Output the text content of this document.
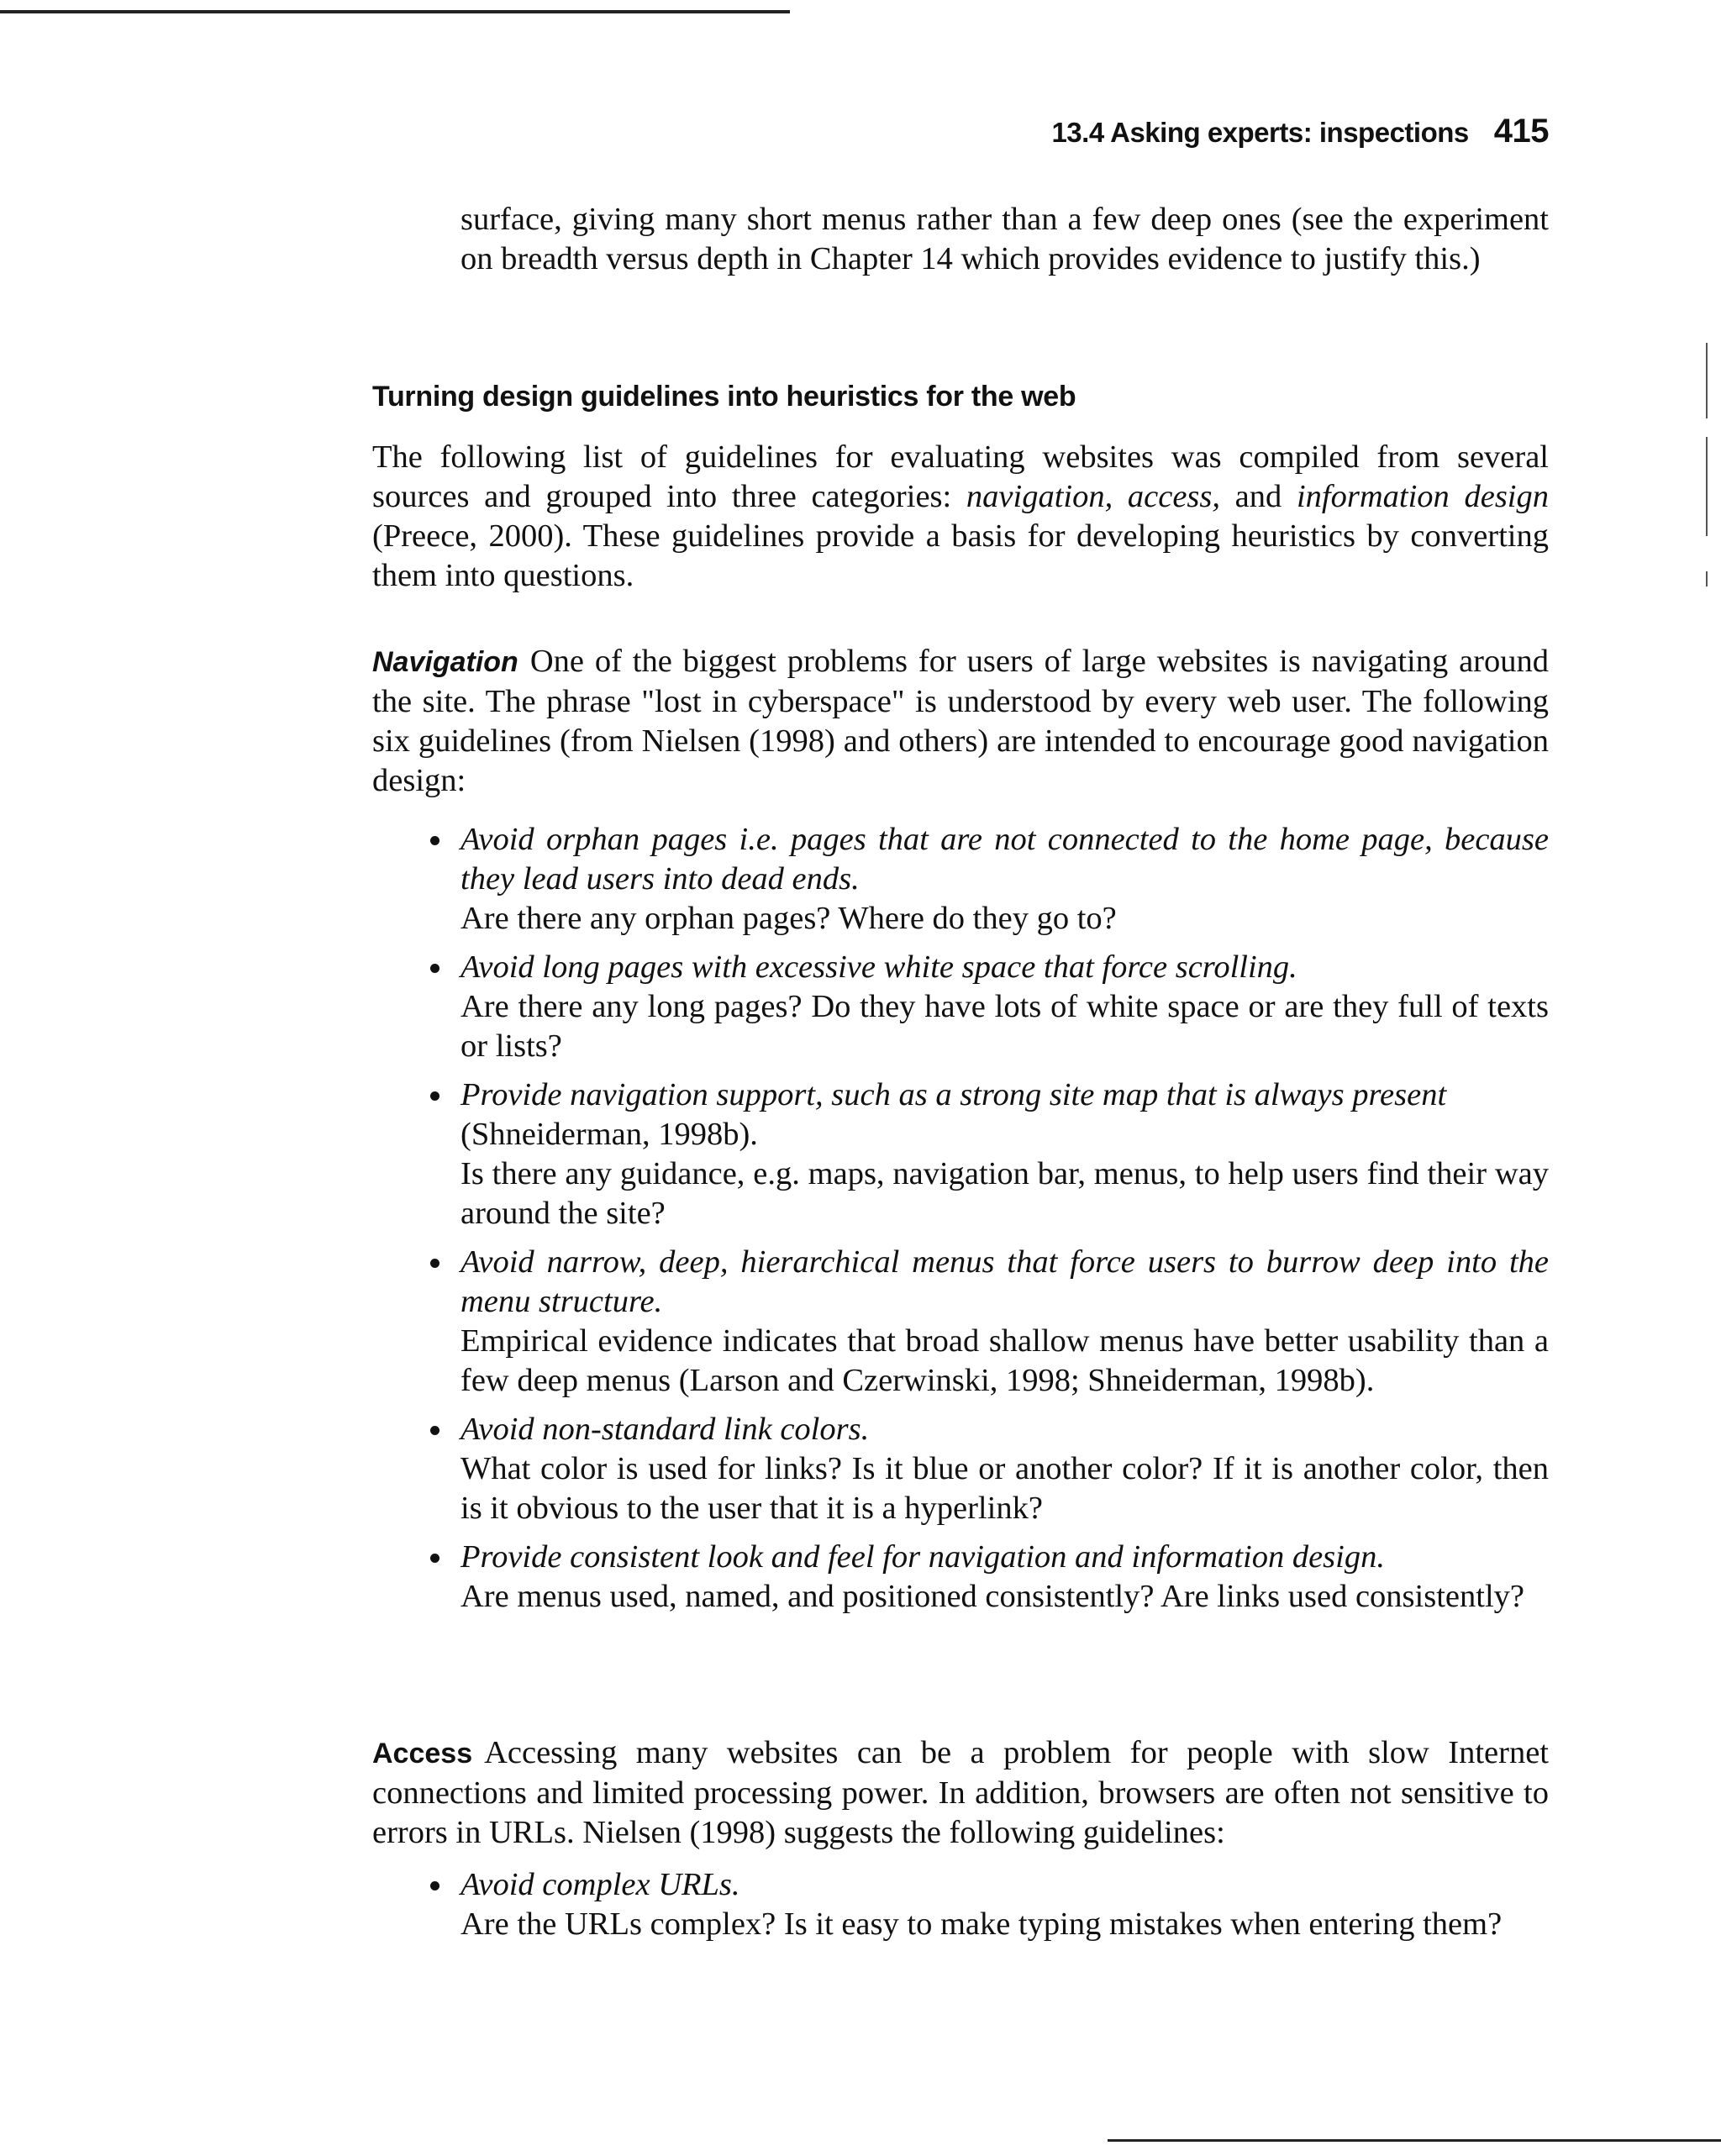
13.4 Asking experts: inspections 415

surface, giving many short menus rather than a few deep ones (see the experiment on breadth versus depth in Chapter 14 which provides evidence to justify this.)

Turning design guidelines into heuristics for the web

The following list of guidelines for evaluating websites was compiled from several sources and grouped into three categories: navigation, access, and information design (Preece, 2000). These guidelines provide a basis for developing heuristics by converting them into questions.

Navigation One of the biggest problems for users of large websites is navigating around the site. The phrase "lost in cyberspace" is understood by every web user. The following six guidelines (from Nielsen (1998) and others) are intended to encourage good navigation design:

Avoid orphan pages i.e. pages that are not connected to the home page, because they lead users into dead ends.
Are there any orphan pages? Where do they go to?
Avoid long pages with excessive white space that force scrolling.
Are there any long pages? Do they have lots of white space or are they full of texts or lists?
Provide navigation support, such as a strong site map that is always present
(Shneiderman, 1998b).
Is there any guidance, e.g. maps, navigation bar, menus, to help users find their way around the site?
Avoid narrow, deep, hierarchical menus that force users to burrow deep into the menu structure.
Empirical evidence indicates that broad shallow menus have better usability than a few deep menus (Larson and Czerwinski, 1998; Shneiderman, 1998b).
Avoid non-standard link colors.
What color is used for links? Is it blue or another color? If it is another color, then is it obvious to the user that it is a hyperlink?
Provide consistent look and feel for navigation and information design.
Are menus used, named, and positioned consistently? Are links used consistently?

Access Accessing many websites can be a problem for people with slow Internet connections and limited processing power. In addition, browsers are often not sensitive to errors in URLs. Nielsen (1998) suggests the following guidelines:

Avoid complex URLs.
Are the URLs complex? Is it easy to make typing mistakes when entering them?
